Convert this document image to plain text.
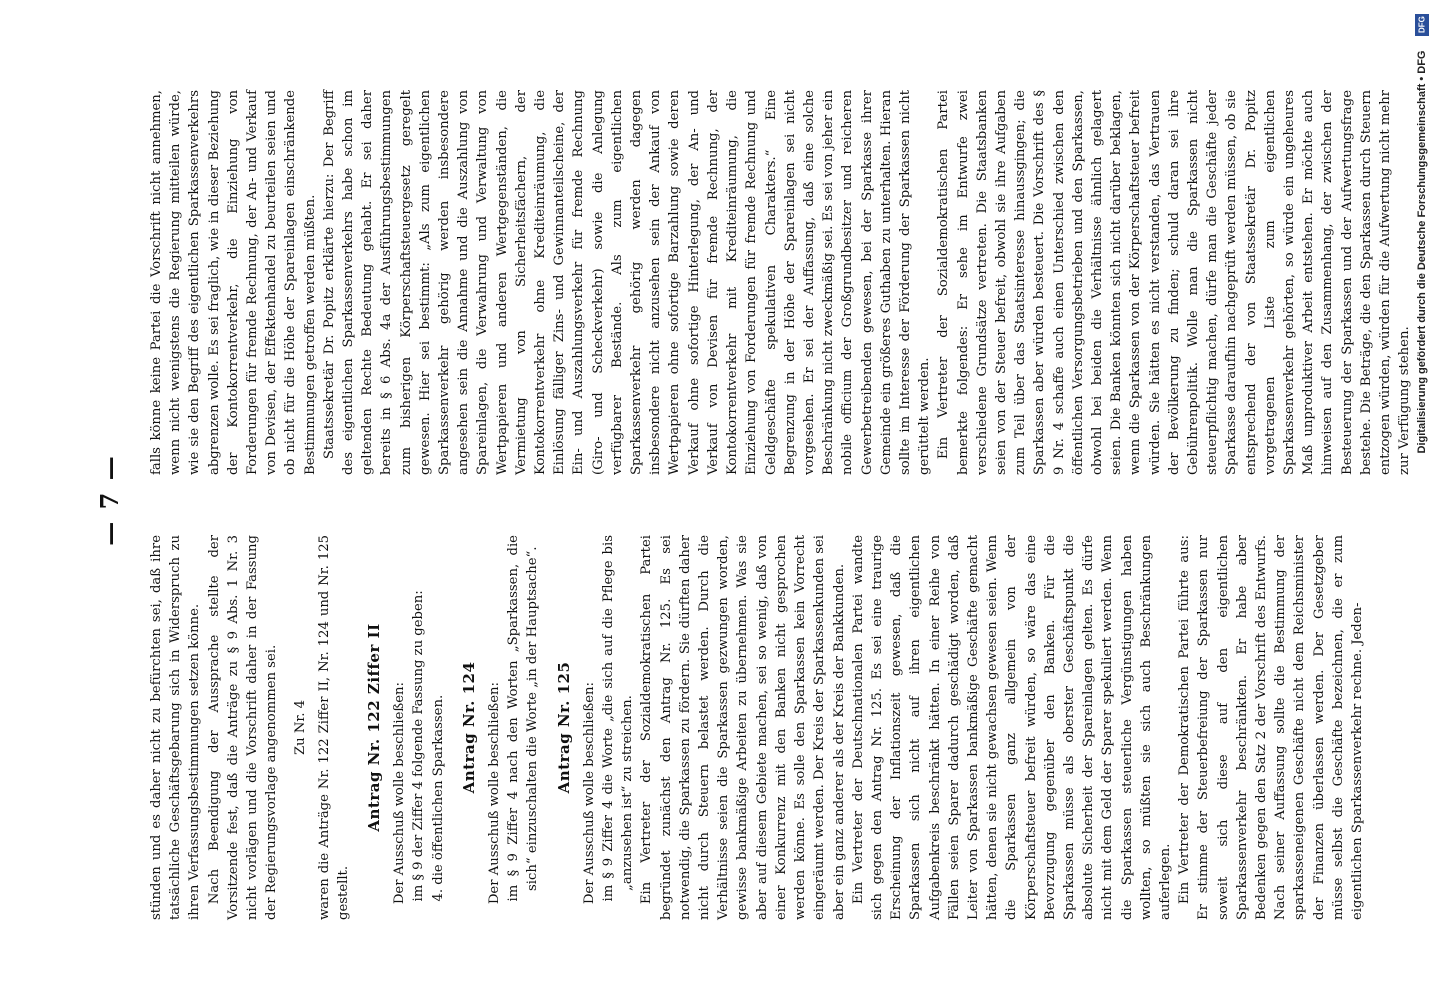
— 7 —

stünden und es daher nicht zu befürchten sei, daß ihre tatsächliche Geschäftsgebarung sich in Widerspruch zu ihren Verfassungsbestimmungen setzen könne. Nach Beendigung der Aussprache stellte der Vorsitzende fest, daß die Anträge zu § 9 Abs. 1 Nr. 3 nicht vorlägen und die Vorschrift daher in der Fassung der Regierungsvorlage angenommen sei. Zu Nr. 4 waren die Anträge Nr. 122 Ziffer II, Nr. 124 und Nr. 125 gestellt.

Antrag Nr. 122 Ziffer II Der Ausschuß wolle beschließen: im § 9 der Ziffer 4 folgende Fassung zu geben: 4. die öffentlichen Sparkassen. Antrag Nr. 124 Der Ausschuß wolle beschließen: im § 9 Ziffer 4 nach den Worten „Sparkassen, die sich“ einzuschalten die Worte „in der Hauptsache“. Antrag Nr. 125 Der Ausschuß wolle beschließen: im § 9 Ziffer 4 die Worte „die sich auf die Pflege bis „anzusehen ist“ zu streichen. Ein Vertreter der Sozialdemokratischen Partei begründet zunächst den Antrag Nr. 125. Es sei notwendig, die Sparkassen zu fördern. Sie dürften daher nicht durch Steuern belastet werden. Durch die Verhältnisse seien die Sparkassen gezwungen worden, gewisse bankmäßige Arbeiten zu übernehmen. Was sie aber auf diesem Gebiete machen, sei so wenig, daß von einer Konkurrenz mit den Banken nicht gesprochen werden könne. Es solle den Sparkassen kein Vorrecht eingeräumt werden. Der Kreis der Sparkassenkunden sei aber ein ganz anderer als der Kreis der Bankkunden. Ein Vertreter der Deutschnationalen Partei wandte sich gegen den Antrag Nr. 125. Es sei eine traurige Erscheinung der Inflationszeit gewesen, daß die Sparkassen sich nicht auf ihren eigentlichen Aufgabenkreis beschränkt hätten. In einer Reihe von Fällen seien Sparer dadurch geschädigt worden, daß Leiter von Sparkassen bankmäßige Geschäfte gemacht hätten, denen sie nicht gewachsen gewesen seien. Wenn die Sparkassen ganz allgemein von der Körperschaftsteuer befreit würden, so wäre das eine Bevorzugung gegenüber den Banken. Für die Sparkassen müsse als oberster Geschäftspunkt die absolute Sicherheit der Spareinlagen gelten. Es dürfe nicht mit dem Geld der Sparer spekuliert werden. Wenn die Sparkassen steuerliche Vergünstigungen haben wollten, so müßten sie sich auch Beschränkungen auferlegen. Ein Vertreter der Demokratischen Partei führte aus: Er stimme der Steuerbefreiung der Sparkassen nur soweit sich diese auf den eigentlichen Sparkassenverkehr beschränkten. Er habe aber Bedenken gegen den Satz 2 der Vorschrift des Entwurfs. Nach seiner Auffassung sollte die Bestimmung der sparkasseneigenen Geschäfte nicht dem Reichsminister der Finanzen überlassen werden. Der Gesetzgeber müsse selbst die Geschäfte bezeichnen, die er zum eigentlichen Sparkassenverkehr rechne. Jeden-

falls könne keine Partei die Vorschrift nicht annehmen, wenn nicht wenigstens die Regierung mitteilen würde, wie sie den Begriff des eigentlichen Sparkassenverkehrs abgrenzen wolle. Es sei fraglich, wie in dieser Beziehung der Kontokorrentverkehr, die Einziehung von Forderungen für fremde Rechnung, der An- und Verkauf von Devisen, der Effektenhandel zu beurteilen seien und ob nicht für die Höhe der Spareinlagen einschränkende Bestimmungen getroffen werden müßten. Staatssekretär Dr. Popitz erklärte hierzu: Der Begriff des eigentlichen Sparkassenverkehrs habe schon im geltenden Rechte Bedeutung gehabt. Er sei daher bereits in § 6 Abs. 4a der Ausführungsbestimmungen zum bisherigen Körperschaftsteuergesetz geregelt gewesen. Hier sei bestimmt: „Als zum eigentlichen Sparkassenverkehr gehörig werden insbesondere angesehen sein die Annahme und die Auszahlung von Spareinlagen, die Verwahrung und Verwaltung von Wertpapieren und anderen Wertgegenständen, die Vermietung von Sicherheitsfächern, der Kontokorrentverkehr ohne Krediteinräumung, die Einlösung fälliger Zins- und Gewinnanteilscheine, der Ein- und Auszahlungsverkehr für fremde Rechnung (Giro- und Scheckverkehr) sowie die Anlegung verfügbarer Bestände. Als zum eigentlichen Sparkassenverkehr gehörig werden dagegen insbesondere nicht anzusehen sein der Ankauf von Wertpapieren ohne sofortige Barzahlung sowie deren Verkauf ohne sofortige Hinterlegung, der An- und Verkauf von Devisen für fremde Rechnung, der Kontokorrentverkehr mit Krediteinräumung, die Einziehung von Forderungen für fremde Rechnung und Geldgeschäfte spekulativen Charakters.“ Eine Begrenzung in der Höhe der Spareinlagen sei nicht vorgesehen. Er sei der Auffassung, daß eine solche Beschränkung nicht zweckmäßig sei. Es sei von jeher ein nobile officium der Großgrundbesitzer und reicheren Gewerbetreibenden gewesen, bei der Sparkasse ihrer Gemeinde ein größeres Guthaben zu unterhalten. Hieran sollte im Interesse der Förderung der Sparkassen nicht gerüttelt werden. Ein Vertreter der Sozialdemokratischen Partei bemerkte folgendes: Er sehe im Entwurfe zwei verschiedene Grundsätze vertreten. Die Staatsbanken seien von der Steuer befreit, obwohl sie ihre Aufgaben zum Teil über das Staatsinteresse hinaussgingen; die Sparkassen aber würden besteuert. Die Vorschrift des § 9 Nr. 4 schaffe auch einen Unterschied zwischen den öffentlichen Versorgungsbetrieben und den Sparkassen, obwohl bei beiden die Verhältnisse ähnlich gelagert seien. Die Banken könnten sich nicht darüber beklagen, wenn die Sparkassen von der Körperschaftsteuer befreit würden. Sie hätten es nicht verstanden, das Vertrauen der Bevölkerung zu finden; schuld daran sei ihre Gebührenpolitik. Wolle man die Sparkassen nicht steuerpflichtig machen, dürfe man die Geschäfte jeder Sparkasse daraufhin nachgeprüft werden müssen, ob sie entsprechend der von Staatssekretär Dr. Popitz vorgetragenen Liste zum eigentlichen Sparkassenverkehr gehörten, so würde ein ungeheures Maß unproduktiver Arbeit entstehen. Er möchte auch hinweisen auf den Zusammenhang, der zwischen der Besteuerung der Sparkassen und der Aufwertungsfrage bestehe. Die Beträge, die den Sparkassen durch Steuern entzogen würden, würden für die Aufwertung nicht mehr zur Verfügung stehen.

DFG
Digitalisierung gefördert durch die Deutsche Forschungsgemeinschaft • DFG
